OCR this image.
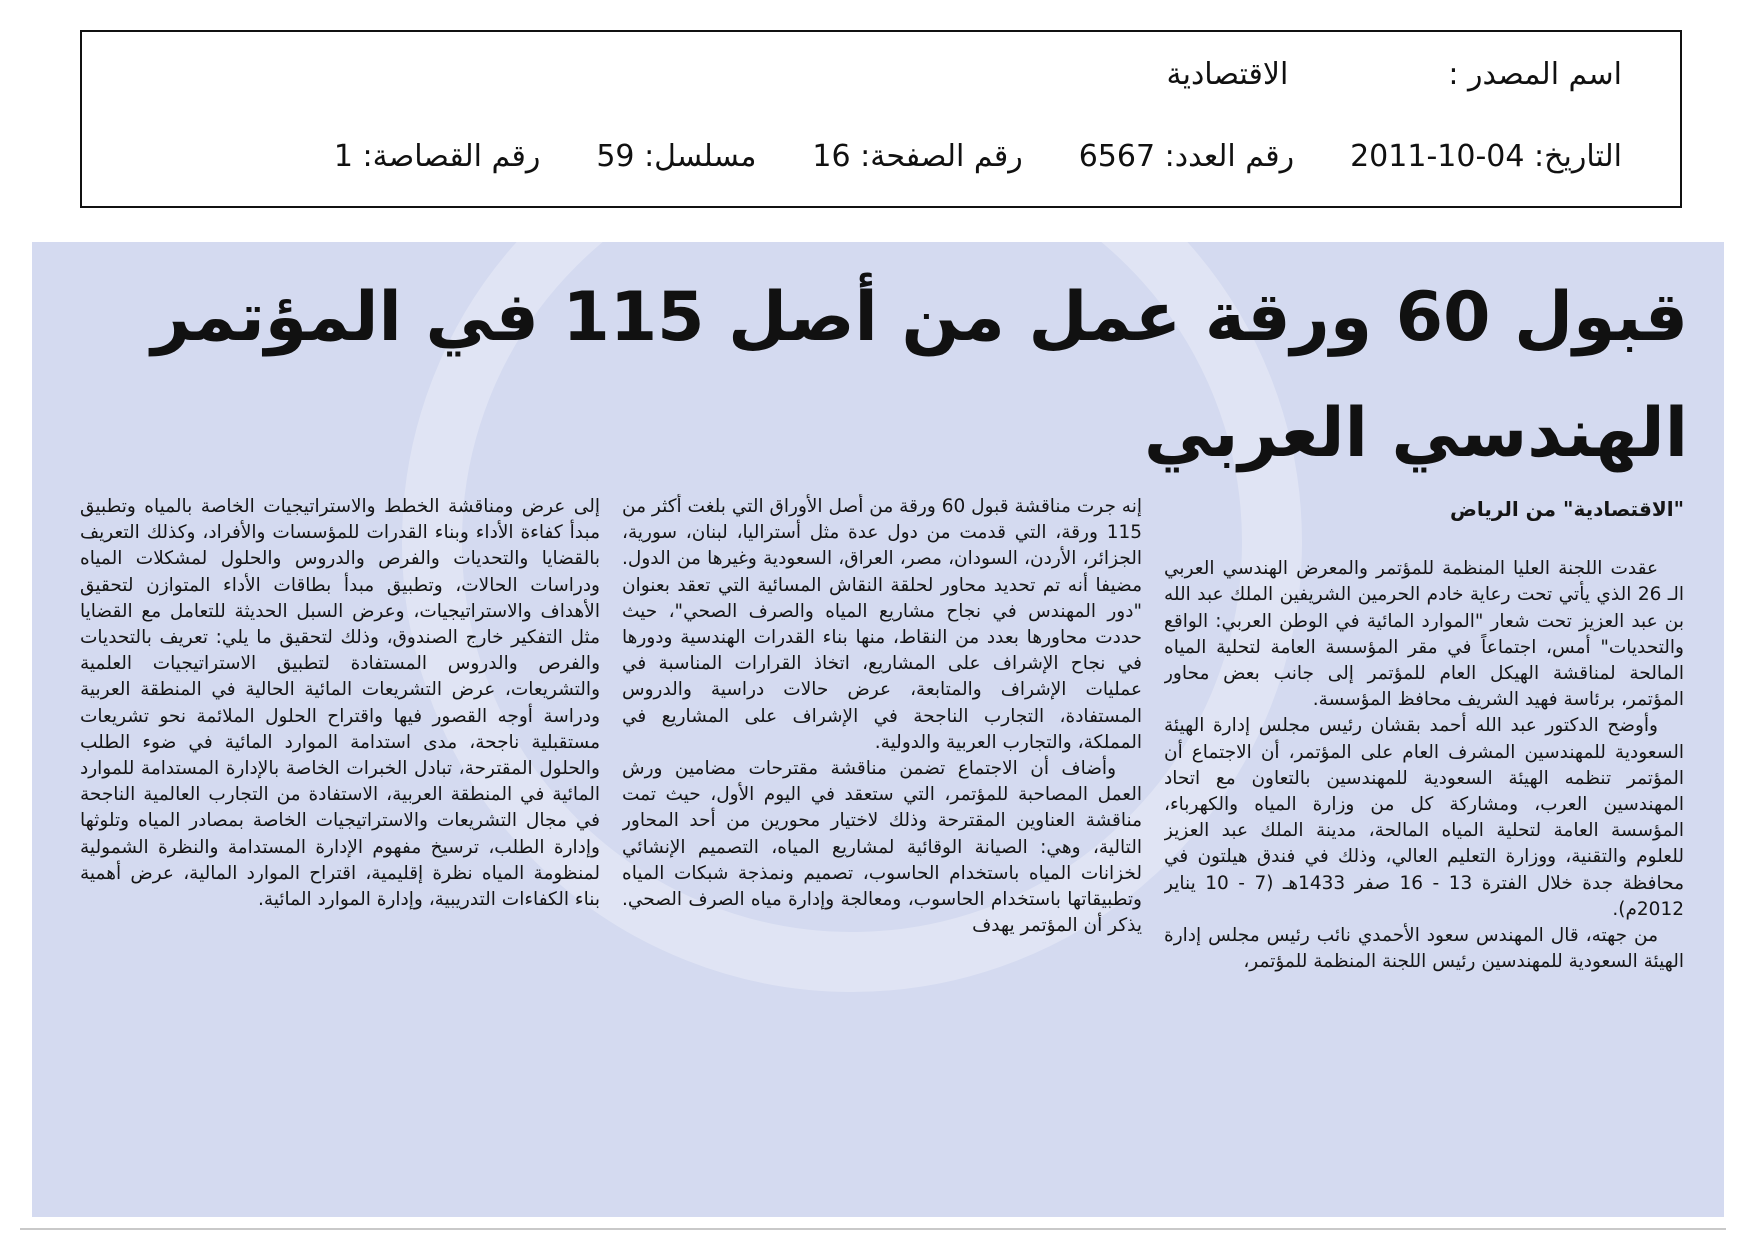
اسم المصدر :
الاقتصادية
التاريخ: 04-10-2011
رقم العدد: 6567
رقم الصفحة: 16
مسلسل: 59
رقم القصاصة: 1
قبول 60 ورقة عمل من أصل 115 في المؤتمر الهندسي العربي

"الاقتصادية" من الرياض

عقدت اللجنة العليا المنظمة للمؤتمر والمعرض الهندسي العربي الـ 26 الذي يأتي تحت رعاية خادم الحرمين الشريفين الملك عبد الله بن عبد العزيز تحت شعار "الموارد المائية في الوطن العربي: الواقع والتحديات" أمس، اجتماعاً في مقر المؤسسة العامة لتحلية المياه المالحة لمناقشة الهيكل العام للمؤتمر إلى جانب بعض محاور المؤتمر، برئاسة فهيد الشريف محافظ المؤسسة.

وأوضح الدكتور عبد الله أحمد بقشان رئيس مجلس إدارة الهيئة السعودية للمهندسين المشرف العام على المؤتمر، أن الاجتماع أن المؤتمر تنظمه الهيئة السعودية للمهندسين بالتعاون مع اتحاد المهندسين العرب، ومشاركة كل من وزارة المياه والكهرباء، المؤسسة العامة لتحلية المياه المالحة، مدينة الملك عبد العزيز للعلوم والتقنية، ووزارة التعليم العالي، وذلك في فندق هيلتون في محافظة جدة خلال الفترة 13 - 16 صفر 1433هـ (7 - 10 يناير 2012م).

من جهته، قال المهندس سعود الأحمدي نائب رئيس مجلس إدارة الهيئة السعودية للمهندسين رئيس اللجنة المنظمة للمؤتمر،

إنه جرت مناقشة قبول 60 ورقة من أصل الأوراق التي بلغت أكثر من 115 ورقة، التي قدمت من دول عدة مثل أستراليا، لبنان، سورية، الجزائر، الأردن، السودان، مصر، العراق، السعودية وغيرها من الدول. مضيفا أنه تم تحديد محاور لحلقة النقاش المسائية التي تعقد بعنوان "دور المهندس في نجاح مشاريع المياه والصرف الصحي"، حيث حددت محاورها بعدد من النقاط، منها بناء القدرات الهندسية ودورها في نجاح الإشراف على المشاريع، اتخاذ القرارات المناسبة في عمليات الإشراف والمتابعة، عرض حالات دراسية والدروس المستفادة، التجارب الناجحة في الإشراف على المشاريع في المملكة، والتجارب العربية والدولية.

وأضاف أن الاجتماع تضمن مناقشة مقترحات مضامين ورش العمل المصاحبة للمؤتمر، التي ستعقد في اليوم الأول، حيث تمت مناقشة العناوين المقترحة وذلك لاختيار محورين من أحد المحاور التالية، وهي: الصيانة الوقائية لمشاريع المياه، التصميم الإنشائي لخزانات المياه باستخدام الحاسوب، تصميم ونمذجة شبكات المياه وتطبيقاتها باستخدام الحاسوب، ومعالجة وإدارة مياه الصرف الصحي. يذكر أن المؤتمر يهدف

إلى عرض ومناقشة الخطط والاستراتيجيات الخاصة بالمياه وتطبيق مبدأ كفاءة الأداء وبناء القدرات للمؤسسات والأفراد، وكذلك التعريف بالقضايا والتحديات والفرص والدروس والحلول لمشكلات المياه ودراسات الحالات، وتطبيق مبدأ بطاقات الأداء المتوازن لتحقيق الأهداف والاستراتيجيات، وعرض السبل الحديثة للتعامل مع القضايا مثل التفكير خارج الصندوق، وذلك لتحقيق ما يلي: تعريف بالتحديات والفرص والدروس المستفادة لتطبيق الاستراتيجيات العلمية والتشريعات، عرض التشريعات المائية الحالية في المنطقة العربية ودراسة أوجه القصور فيها واقتراح الحلول الملائمة نحو تشريعات مستقبلية ناجحة، مدى استدامة الموارد المائية في ضوء الطلب والحلول المقترحة، تبادل الخبرات الخاصة بالإدارة المستدامة للموارد المائية في المنطقة العربية، الاستفادة من التجارب العالمية الناجحة في مجال التشريعات والاستراتيجيات الخاصة بمصادر المياه وتلوثها وإدارة الطلب، ترسيخ مفهوم الإدارة المستدامة والنظرة الشمولية لمنظومة المياه نظرة إقليمية، اقتراح الموارد المالية، عرض أهمية بناء الكفاءات التدريبية، وإدارة الموارد المائية.
